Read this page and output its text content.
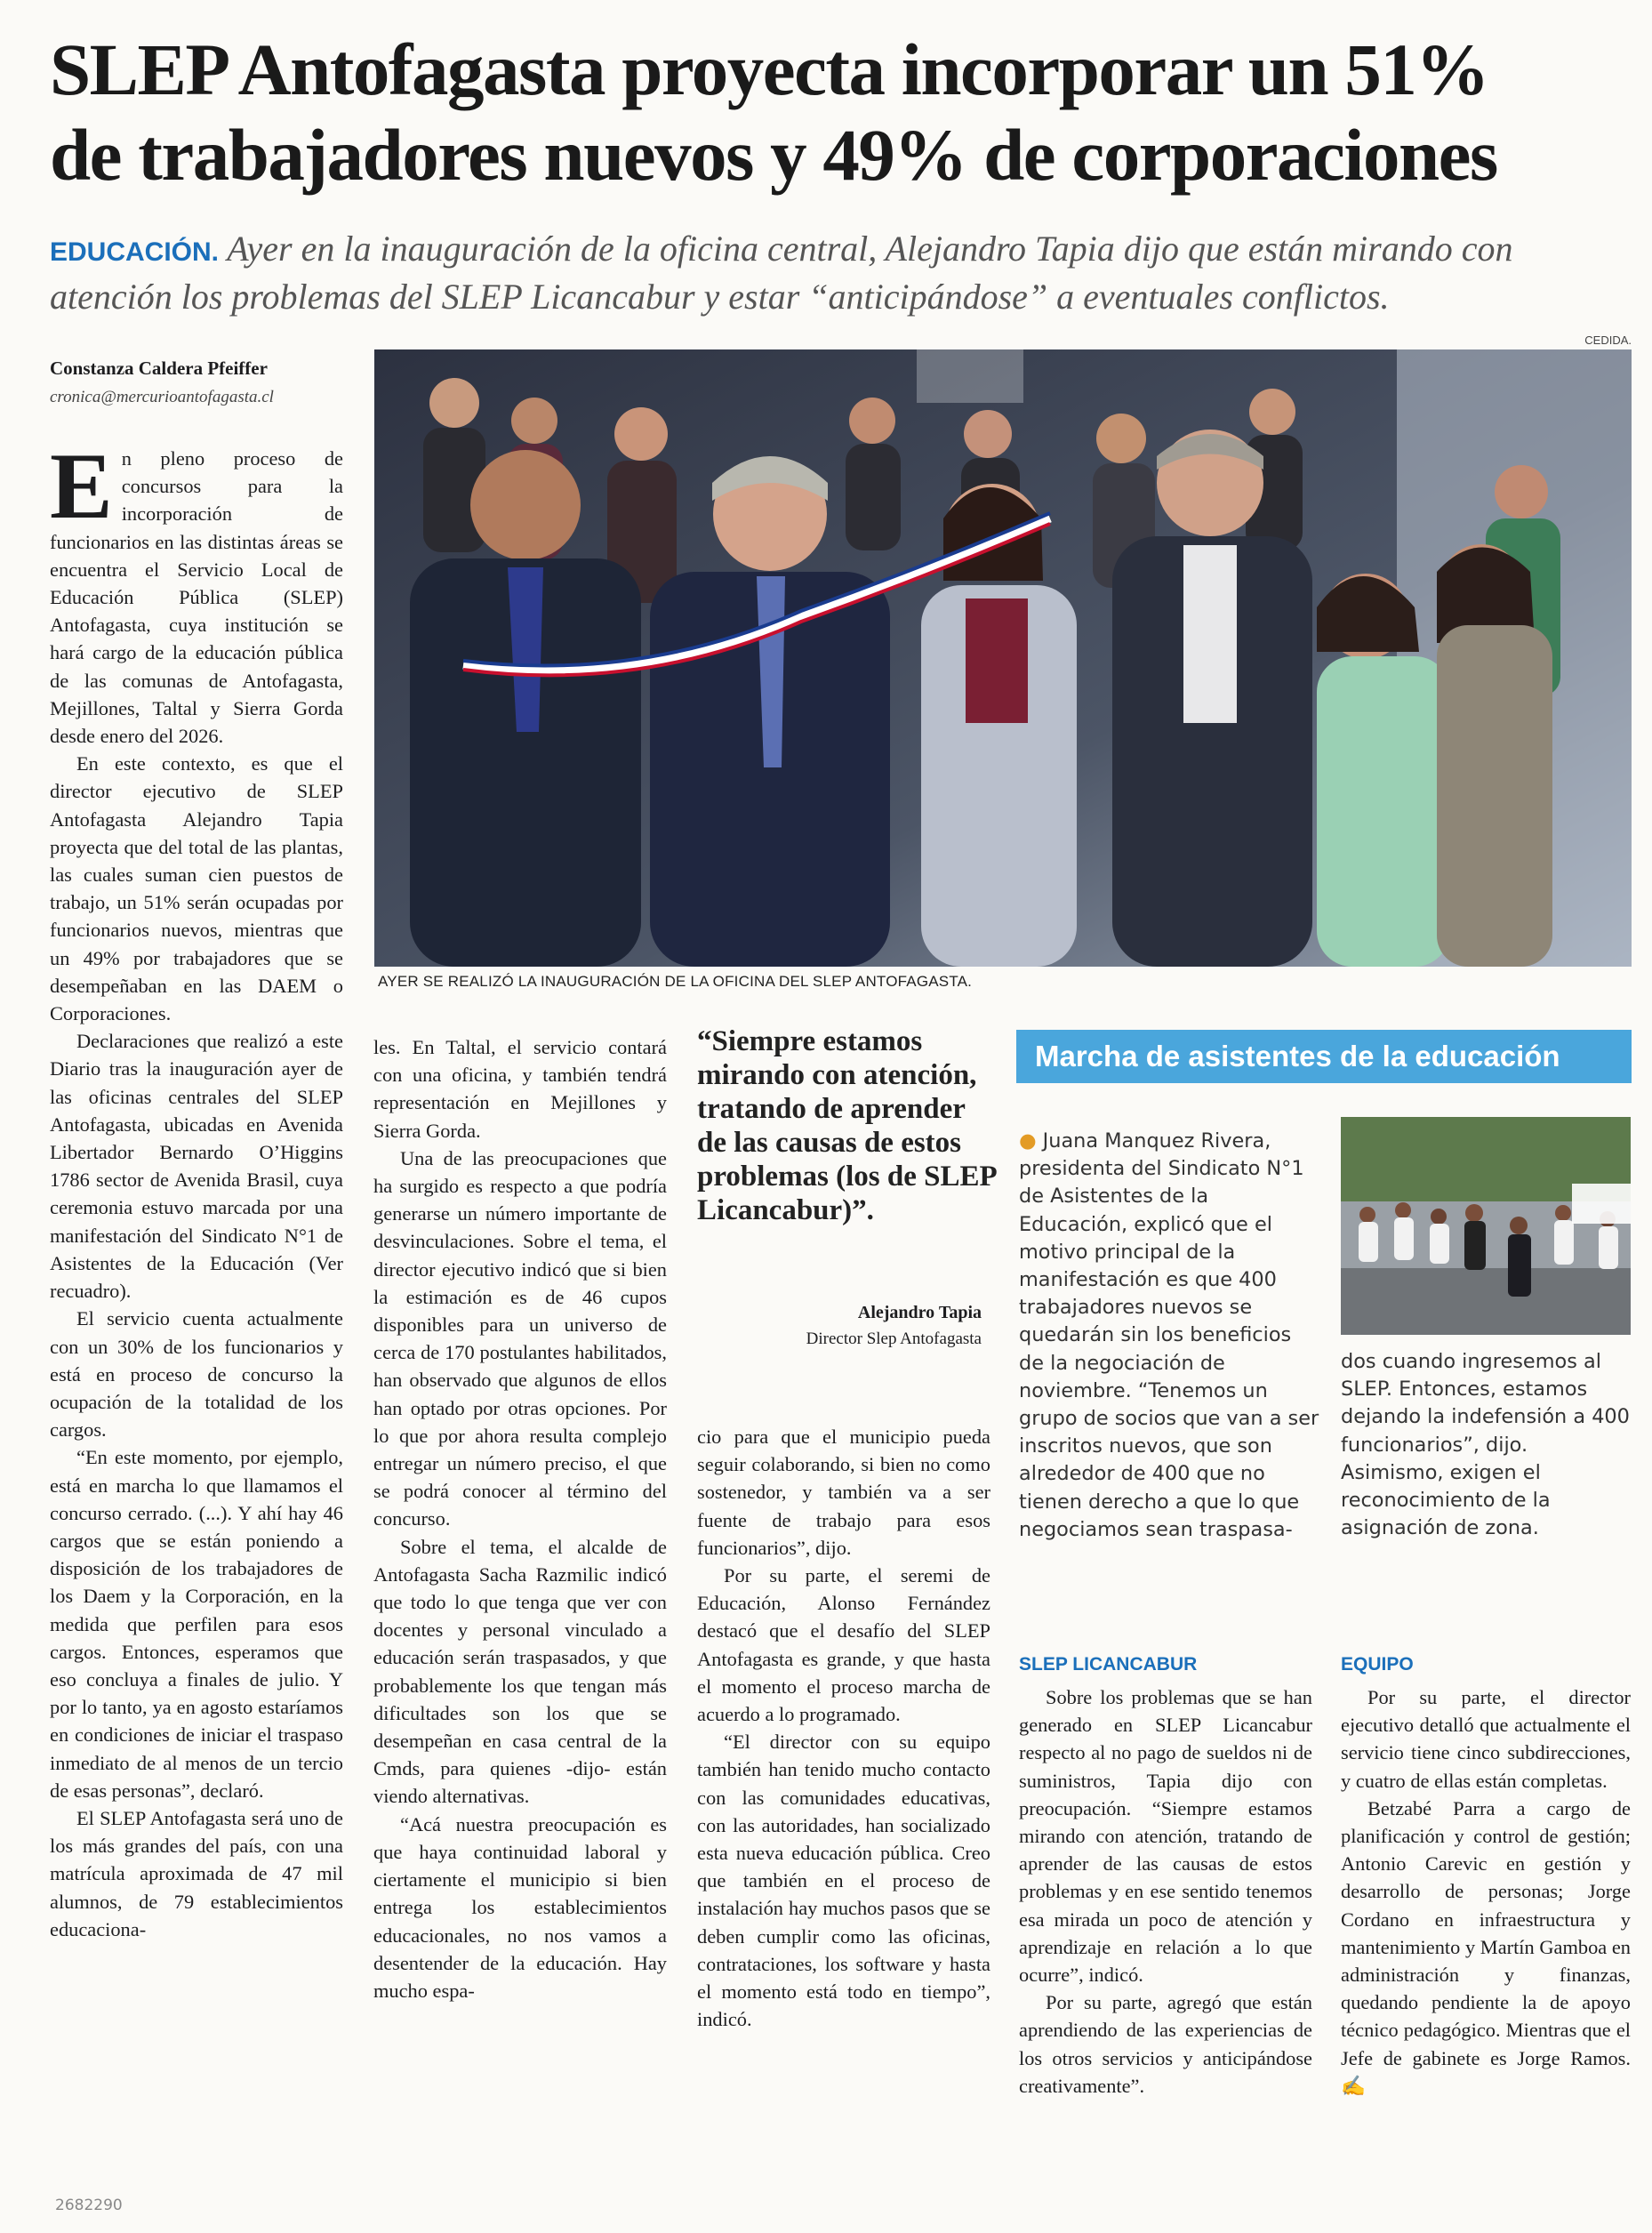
SLEP Antofagasta proyecta incorporar un 51%
de trabajadores nuevos y 49% de corporaciones
EDUCACIÓN. Ayer en la inauguración de la oficina central, Alejandro Tapia dijo que están mirando con atención los problemas del SLEP Licancabur y estar “anticipándose” a eventuales conflictos.
Constanza Caldera Pfeiffer
cronica@mercurioantofagasta.cl

En pleno proceso de concursos para la incorporación de funcionarios en las distintas áreas se encuentra el Servicio Local de Educación Pública (SLEP) Antofagasta, cuya institución se hará cargo de la educación pública de las comunas de Antofagasta, Mejillones, Taltal y Sierra Gorda desde enero del 2026.

En este contexto, es que el director ejecutivo de SLEP Antofagasta Alejandro Tapia proyecta que del total de las plantas, las cuales suman cien puestos de trabajo, un 51% serán ocupadas por funcionarios nuevos, mientras que un 49% por trabajadores que se desempeñaban en las DAEM o Corporaciones.

Declaraciones que realizó a este Diario tras la inauguración ayer de las oficinas centrales del SLEP Antofagasta, ubicadas en Avenida Libertador Bernardo O’Higgins 1786 sector de Avenida Brasil, cuya ceremonia estuvo marcada por una manifestación del Sindicato N°1 de Asistentes de la Educación (Ver recuadro).

El servicio cuenta actualmente con un 30% de los funcionarios y está en proceso de concurso la ocupación de la totalidad de los cargos.

“En este momento, por ejemplo, está en marcha lo que llamamos el concurso cerrado. (...). Y ahí hay 46 cargos que se están poniendo a disposición de los trabajadores de los Daem y la Corporación, en la medida que perfilen para esos cargos. Entonces, esperamos que eso concluya a finales de julio. Y por lo tanto, ya en agosto estaríamos en condiciones de iniciar el traspaso inmediato de al menos de un tercio de esas personas”, declaró.

El SLEP Antofagasta será uno de los más grandes del país, con una matrícula aproximada de 47 mil alumnos, de 79 establecimientos educaciona-

CEDIDA.
AYER SE REALIZÓ LA INAUGURACIÓN DE LA OFICINA DEL SLEP ANTOFAGASTA.

les. En Taltal, el servicio contará con una oficina, y también tendrá representación en Mejillones y Sierra Gorda.

Una de las preocupaciones que ha surgido es respecto a que podría generarse un número importante de desvinculaciones. Sobre el tema, el director ejecutivo indicó que si bien la estimación es de 46 cupos disponibles para un universo de cerca de 170 postulantes habilitados, han observado que algunos de ellos han optado por otras opciones. Por lo que por ahora resulta complejo entregar un número preciso, el que se podrá conocer al término del concurso.

Sobre el tema, el alcalde de Antofagasta Sacha Razmilic indicó que todo lo que tenga que ver con docentes y personal vinculado a educación serán traspasados, y que probablemente los que tengan más dificultades son los que se desempeñan en casa central de la Cmds, para quienes -dijo- están viendo alternativas.

“Acá nuestra preocupación es que haya continuidad laboral y ciertamente el municipio si bien entrega los establecimientos educacionales, no nos vamos a desentender de la educación. Hay mucho espa-

“Siempre estamos mirando con atención, tratando de aprender de las causas de estos problemas (los de SLEP Licancabur)”.
Alejandro Tapia
Director Slep Antofagasta

cio para que el municipio pueda seguir colaborando, si bien no como sostenedor, y también va a ser fuente de trabajo para esos funcionarios”, dijo.

Por su parte, el seremi de Educación, Alonso Fernández destacó que el desafío del SLEP Antofagasta es grande, y que hasta el momento el proceso marcha de acuerdo a lo programado.

“El director con su equipo también han tenido mucho contacto con las comunidades educativas, con las autoridades, han socializado esta nueva educación pública. Creo que también en el proceso de instalación hay muchos pasos que se deben cumplir como las oficinas, contrataciones, los software y hasta el momento está todo en tiempo”, indicó.

Marcha de asistentes de la educación

● Juana Manquez Rivera, presidenta del Sindicato N°1 de Asistentes de la Educación, explicó que el motivo principal de la manifestación es que 400 trabajadores nuevos se quedarán sin los beneficios de la negociación de noviembre. “Tenemos un grupo de socios que van a ser inscritos nuevos, que son alrededor de 400 que no tienen derecho a que lo que negociamos sean traspasa-

dos cuando ingresemos al SLEP. Entonces, estamos dejando la indefensión a 400 funcionarios”, dijo. Asimismo, exigen el reconocimiento de la asignación de zona.

SLEP LICANCABUR

Sobre los problemas que se han generado en SLEP Licancabur respecto al no pago de sueldos ni de suministros, Tapia dijo con preocupación. “Siempre estamos mirando con atención, tratando de aprender de las causas de estos problemas y en ese sentido tenemos esa mirada un poco de atención y aprendizaje en relación a lo que ocurre”, indicó.

Por su parte, agregó que están aprendiendo de las experiencias de los otros servicios y anticipándose creativamente”.

EQUIPO

Por su parte, el director ejecutivo detalló que actualmente el servicio tiene cinco subdirecciones, y cuatro de ellas están completas.

Betzabé Parra a cargo de planificación y control de gestión; Antonio Carevic en gestión y desarrollo de personas; Jorge Cordano en infraestructura y mantenimiento y Martín Gamboa en administración y finanzas, quedando pendiente la de apoyo técnico pedagógico. Mientras que el Jefe de gabinete es Jorge Ramos. ✍

2682290
